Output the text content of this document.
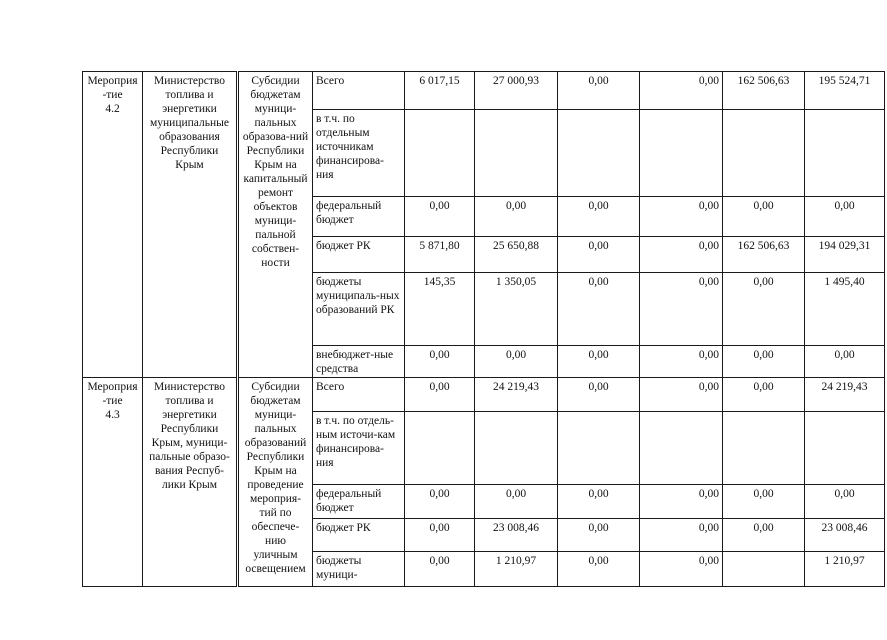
Мероприя
-тие
4.2	Министерство топлива и энергетики муниципальные образования Республики Крым	Субсидии бюджетам муници-пальных образова-ний Республики Крым на капитальный ремонт объектов муници-пальной собствен-ности	Всего	6 017,15	27 000,93	0,00	0,00	162 506,63	195 524,71
			в т.ч. по отдельным источникам финансирова-ния						
			федеральный бюджет	0,00	0,00	0,00	0,00	0,00	0,00
			бюджет РК	5 871,80	25 650,88	0,00	0,00	162 506,63	194 029,31
			бюджеты муниципаль-ных образований РК	145,35	1 350,05	0,00	0,00	0,00	1 495,40
			внебюджет-ные средства	0,00	0,00	0,00	0,00	0,00	0,00
Мероприя
-тие
4.3	Министерство топлива и энергетики Республики Крым, муници-пальные образо-вания Респуб-лики Крым	Субсидии бюджетам муници-пальных образований Республики Крым на проведение мероприя-тий по обеспече-нию уличным освещением	Всего	0,00	24 219,43	0,00	0,00	0,00	24 219,43
			в т.ч. по отдель-ным источи-кам финансирова-ния						
			федеральный бюджет	0,00	0,00	0,00	0,00	0,00	0,00
			бюджет РК	0,00	23 008,46	0,00	0,00	0,00	23 008,46
			бюджеты муници-	0,00	1 210,97	0,00	0,00		1 210,97
